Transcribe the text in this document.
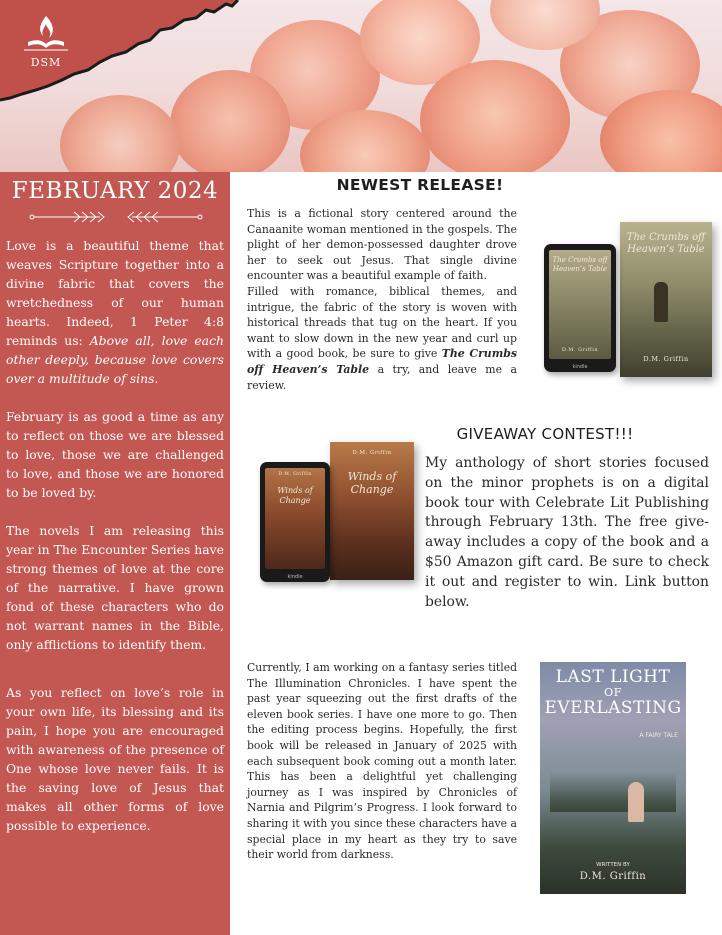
DSM
FEBRUARY 2024

Love is a beautiful theme that weaves Scripture together into a divine fabric that covers the wretchedness of our human hearts. Indeed, 1 Peter 4:8 reminds us: Above all, love each other deeply, because love covers over a multitude of sins.

February is as good a time as any to reflect on those we are blessed to love, those we are challenged to love, and those we are honored to be loved by.

The novels I am releasing this year in The Encounter Series have strong themes of love at the core of the narrative. I have grown fond of these characters who do not warrant names in the Bible, only afflictions to identify them.

As you reflect on love’s role in your own life, its blessing and its pain, I hope you are encouraged with awareness of the presence of One whose love never fails. It is the saving love of Jesus that makes all other forms of love possible to experience.

NEWEST RELEASE!

This is a fictional story centered around the Canaanite woman mentioned in the gospels. The plight of her demon-possessed daughter drove her to seek out Jesus. That single divine encounter was a beautiful example of faith.

Filled with romance, biblical themes, and intrigue, the fabric of the story is woven with historical threads that tug on the heart. If you want to slow down in the new year and curl up with a good book, be sure to give The Crumbs off Heaven’s Table a try, and leave me a review.

The Crumbs off Heaven’s Table
D.M. Griffin
The Crumbs off Heaven’s Table
D.M. Griffin
kindle
GIVEAWAY CONTEST!!!

My anthology of short stories focused on the minor prophets is on a digital book tour with Celebrate Lit Publishing through February 13th. The free give-away includes a copy of the book and a $50 Amazon gift card. Be sure to check it out and register to win. Link button below.

D.M. Griffin
Winds of Change
D.M. Griffin
Winds of Change
kindle

Currently, I am working on a fantasy series titled The Illumination Chronicles. I have spent the past year squeezing out the first drafts of the eleven book series. I have one more to go. Then the editing process begins. Hopefully, the first book will be released in January of 2025 with each subsequent book coming out a month later. This has been a delightful yet challenging journey as I was inspired by Chronicles of Narnia and Pilgrim’s Progress. I look forward to sharing it with you since these characters have a special place in my heart as they try to save their world from darkness.

LAST LIGHT
OF
EVERLASTING
A FAIRY TALE
WRITTEN BY
D.M. Griffin
